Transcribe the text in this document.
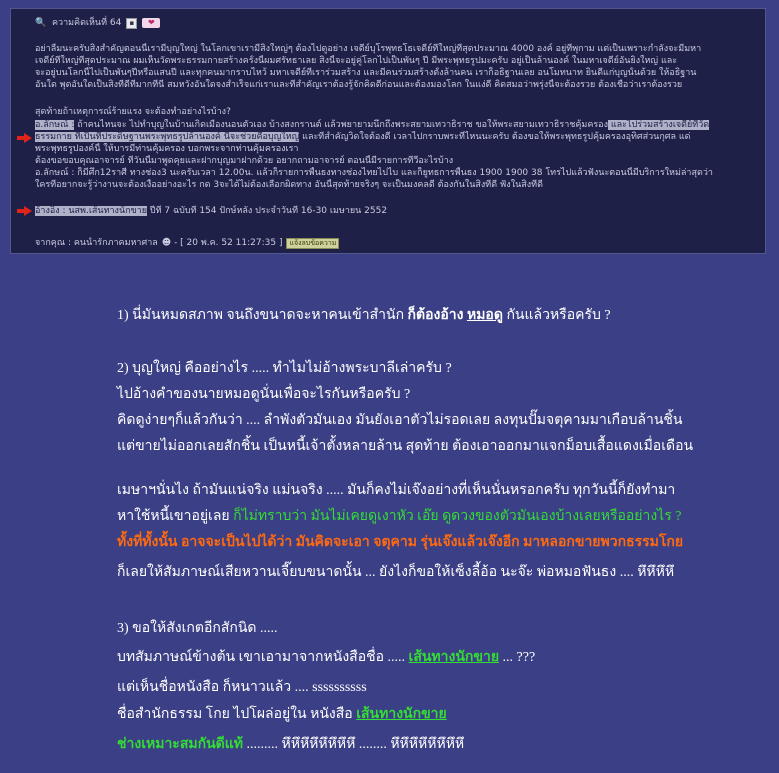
🔍 ความคิดเห็นที่ 64	▪	❤
อย่าลืมนะครับสิ่งสำคัญตอนนี้เรามีบุญใหญ่ ในโลกเขาเรามีสิ่งใหญ่ๆ ต้องไปดูอย่าง เจดีย์บุโรพุทธโธเจดีย์ที่ใหญ่ที่สุดประมาณ 4000 องค์ อยู่ที่พุกาม แต่เป็นเพราะกำลังจะมีมหา
เจดีย์ที่ใหญ่ที่สุดประมาณ ผมเห็นวัดพระธรรมกายสร้างครั้งนี้ผมศรัทธาเลย สิ่งนี้จะอยู่คู่โลกไปเป็นพันๆ ปี มีพระพุทธรูปมะครับ อยู่เป็นล้านองค์ ในมหาเจดีย์อันยิ่งใหญ่ และ
จะอยู่บนโลกนี้ไปเป็นพันๆปีหรือแสนปี และทุกคนมากราบไหว้ มหาเจดีย์ที่เราร่วมสร้าง และมีคนร่วมสร้างตั้งล้านคน เราก็อธิฐานเลย อนโมทนาท ยินดีแก่บุญนั้นด้วย ให้อธิฐาน
อันใด พุดอันใดเป็นสิ่งที่ดีที่มากที่นี่ สมหวังอันใดจงสำเร็จแก่เราและที่สำคัญเราต้องรู้จักคิดดีก่อนและต้องมองโลก ในแง่ดี คิดสมอว่าพรุ่งนี้จะต้องรวย ต้องเชื่อว่าเราต้องรวย
สุดท้ายถ้าเหตุการณ์ร้ายแรง จะต้องทำอย่างไรบ้าง?
อ.ลักษณ์ : ถ้าคนไหนจะ ไปทำบุญในบ้านเกิดเมืองนอนตัวเอง บ้างสงกรานต์ แล้วพยายามนึกถึงพระสยามเทวาธิราช ขอให้พระสยามเทวาธิราชคุ้มครอง และไปร่วมสร้างเจดีย์ที่วัด
ธรรมกาย ที่เป็นที่ประดิษฐานพระพุทธรูปล้านองค์ นี่จะช่วยคือบุญใหญ่ และที่สำคัญวิดใจต้องดี เวลาไปกราบพระที่ไหนนะครับ ต้องขอให้พระพุทธรูปคุ้มครองอุทิศส่วนกุศล แด่
พระพุทธรูปองค์นี้ ให้บารมีท่านคุ้มครอง บอกพระจากท่านคุ้มครองเรา
ต้องขอขอบคุณอาจารย์ ที่วันนี้มาพูดคุยและฝากบุญมาฝากด้วย อยากถามอาจารย์ ตอนนี้มีรายการทีวีอะไรบ้าง
อ.ลักษณ์ : ก็มีศึก12ราศี ทางช่อง3 นะครับเวลา 12.00น. แล้วก็รายการพื้นธงทางช่องไทยไปไบ และก็ยูทธการพื้นธง 1900 1900 38 โทรไปแล้วฟังนะตอนนี้มีบริการใหม่ล่าสุดว่า
ใครที่อยากจะรู้ว่างานจะต้องเงื้ออย่างอะไร กด 3จะได้ไม่ต้องเลือกผิดทาง อันนี้สุดท้ายจริงๆ จะเป็นมงคลดี ต้องกันในสิ่งที่ดี ฟังในสิ่งที่ดี
อ้างอิง : นสพ.เส้นทางนักขาย ปีที่ 7 ฉบับที่ 154 ปักษ์หลัง ประจำวันที่ 16-30 เมษายน 2552
จากคุณ : คนนำรักภาคมหาศาล ☻ - [ 20 พ.ค. 52 11:27:35 ]	แจ้งลบข้อความ
1) นี่มันหมดสภาพ จนถึงขนาดจะหาคนเข้าสำนัก ก็ต้องอ้าง หมอดู กันแล้วหรือครับ ?
2) บุญใหญ่ คืออย่างไร ..... ทำไมไม่อ้างพระบาลีเล่าครับ ?
ไปอ้างคำของนายหมอดูนั่นเพื่อจะไรกันหรือครับ ?
คิดดูง่ายๆก็แล้วกันว่า .... ลำพังตัวมันเอง มันยังเอาตัวไม่รอดเลย ลงทุนปั๊มจตุคามมาเกือบล้านชิ้น
แต่ขายไม่ออกเลยสักชิ้น เป็นหนี้เจ้าตั้งหลายล้าน สุดท้าย ต้องเอาออกมาแจกม็อบเสื้อแดงเมื่อเดือน
เมษาฯนั่นไง ถ้ามันแน่จริง แม่นจริง ..... มันก็คงไม่เจ๊งอย่างที่เห็นนั่นหรอกครับ ทุกวันนี้ก็ยังทำมา
หาใช้หนี้เขาอยู่เลย ก็ไม่ทราบว่า มันไม่เคยดูเงาหัว เอ๊ย ดูดวงของตัวมันเองบ้างเลยหรืออย่างไร ?
ทั้งที่ทั้งนั้น อาจจะเป็นไปได้ว่า มันคิดจะเอา จตุคาม รุ่นเจ๊งแล้วเจ๊งอีก มาหลอกขายพวกธรรมโกย
ก็เลยให้สัมภาษณ์เสียหวานเจี๊ยบขนาดนั้น ... ยังไงก็ขอให้เซ็งลี้อ้อ นะจ๊ะ พ่อหมอฟันธง .... หึหึหึหึ
3) ขอให้สังเกตอีกสักนิด .....
บทสัมภาษณ์ข้างต้น เขาเอามาจากหนังสือชื่อ ..... เส้นทางนักขาย ... ???
แต่เห็นชื่อหนังสือ ก็หนาวแล้ว .... ssssssssss
ชื่อสำนักธรรม โกย ไปโผล่อยู่ใน หนังสือ เส้นทางนักขาย
ช่างเหมาะสมกันดีแท้ ......... หึหึหึหึหึหึหึหึ ........ หึหึหึหึหึหึหึหึ
